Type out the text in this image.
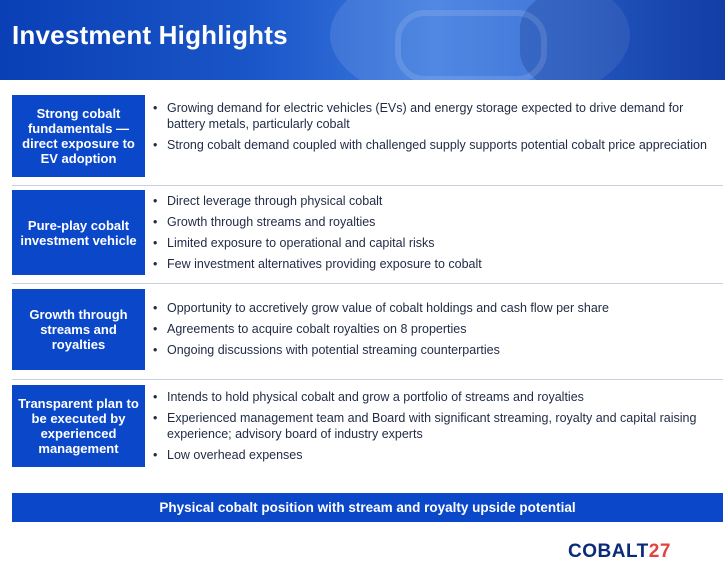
Investment Highlights
Strong cobalt fundamentals — direct exposure to EV adoption
• Growing demand for electric vehicles (EVs) and energy storage expected to drive demand for battery metals, particularly cobalt
• Strong cobalt demand coupled with challenged supply supports potential cobalt price appreciation
Pure-play cobalt investment vehicle
• Direct leverage through physical cobalt
• Growth through streams and royalties
• Limited exposure to operational and capital risks
• Few investment alternatives providing exposure to cobalt
Growth through streams and royalties
• Opportunity to accretively grow value of cobalt holdings and cash flow per share
• Agreements to acquire cobalt royalties on 8 properties
• Ongoing discussions with potential streaming counterparties
Transparent plan to be executed by experienced management
• Intends to hold physical cobalt and grow a portfolio of streams and royalties
• Experienced management team and Board with significant streaming, royalty and capital raising experience; advisory board of industry experts
• Low overhead expenses
Physical cobalt position with stream and royalty upside potential
COBALT27
